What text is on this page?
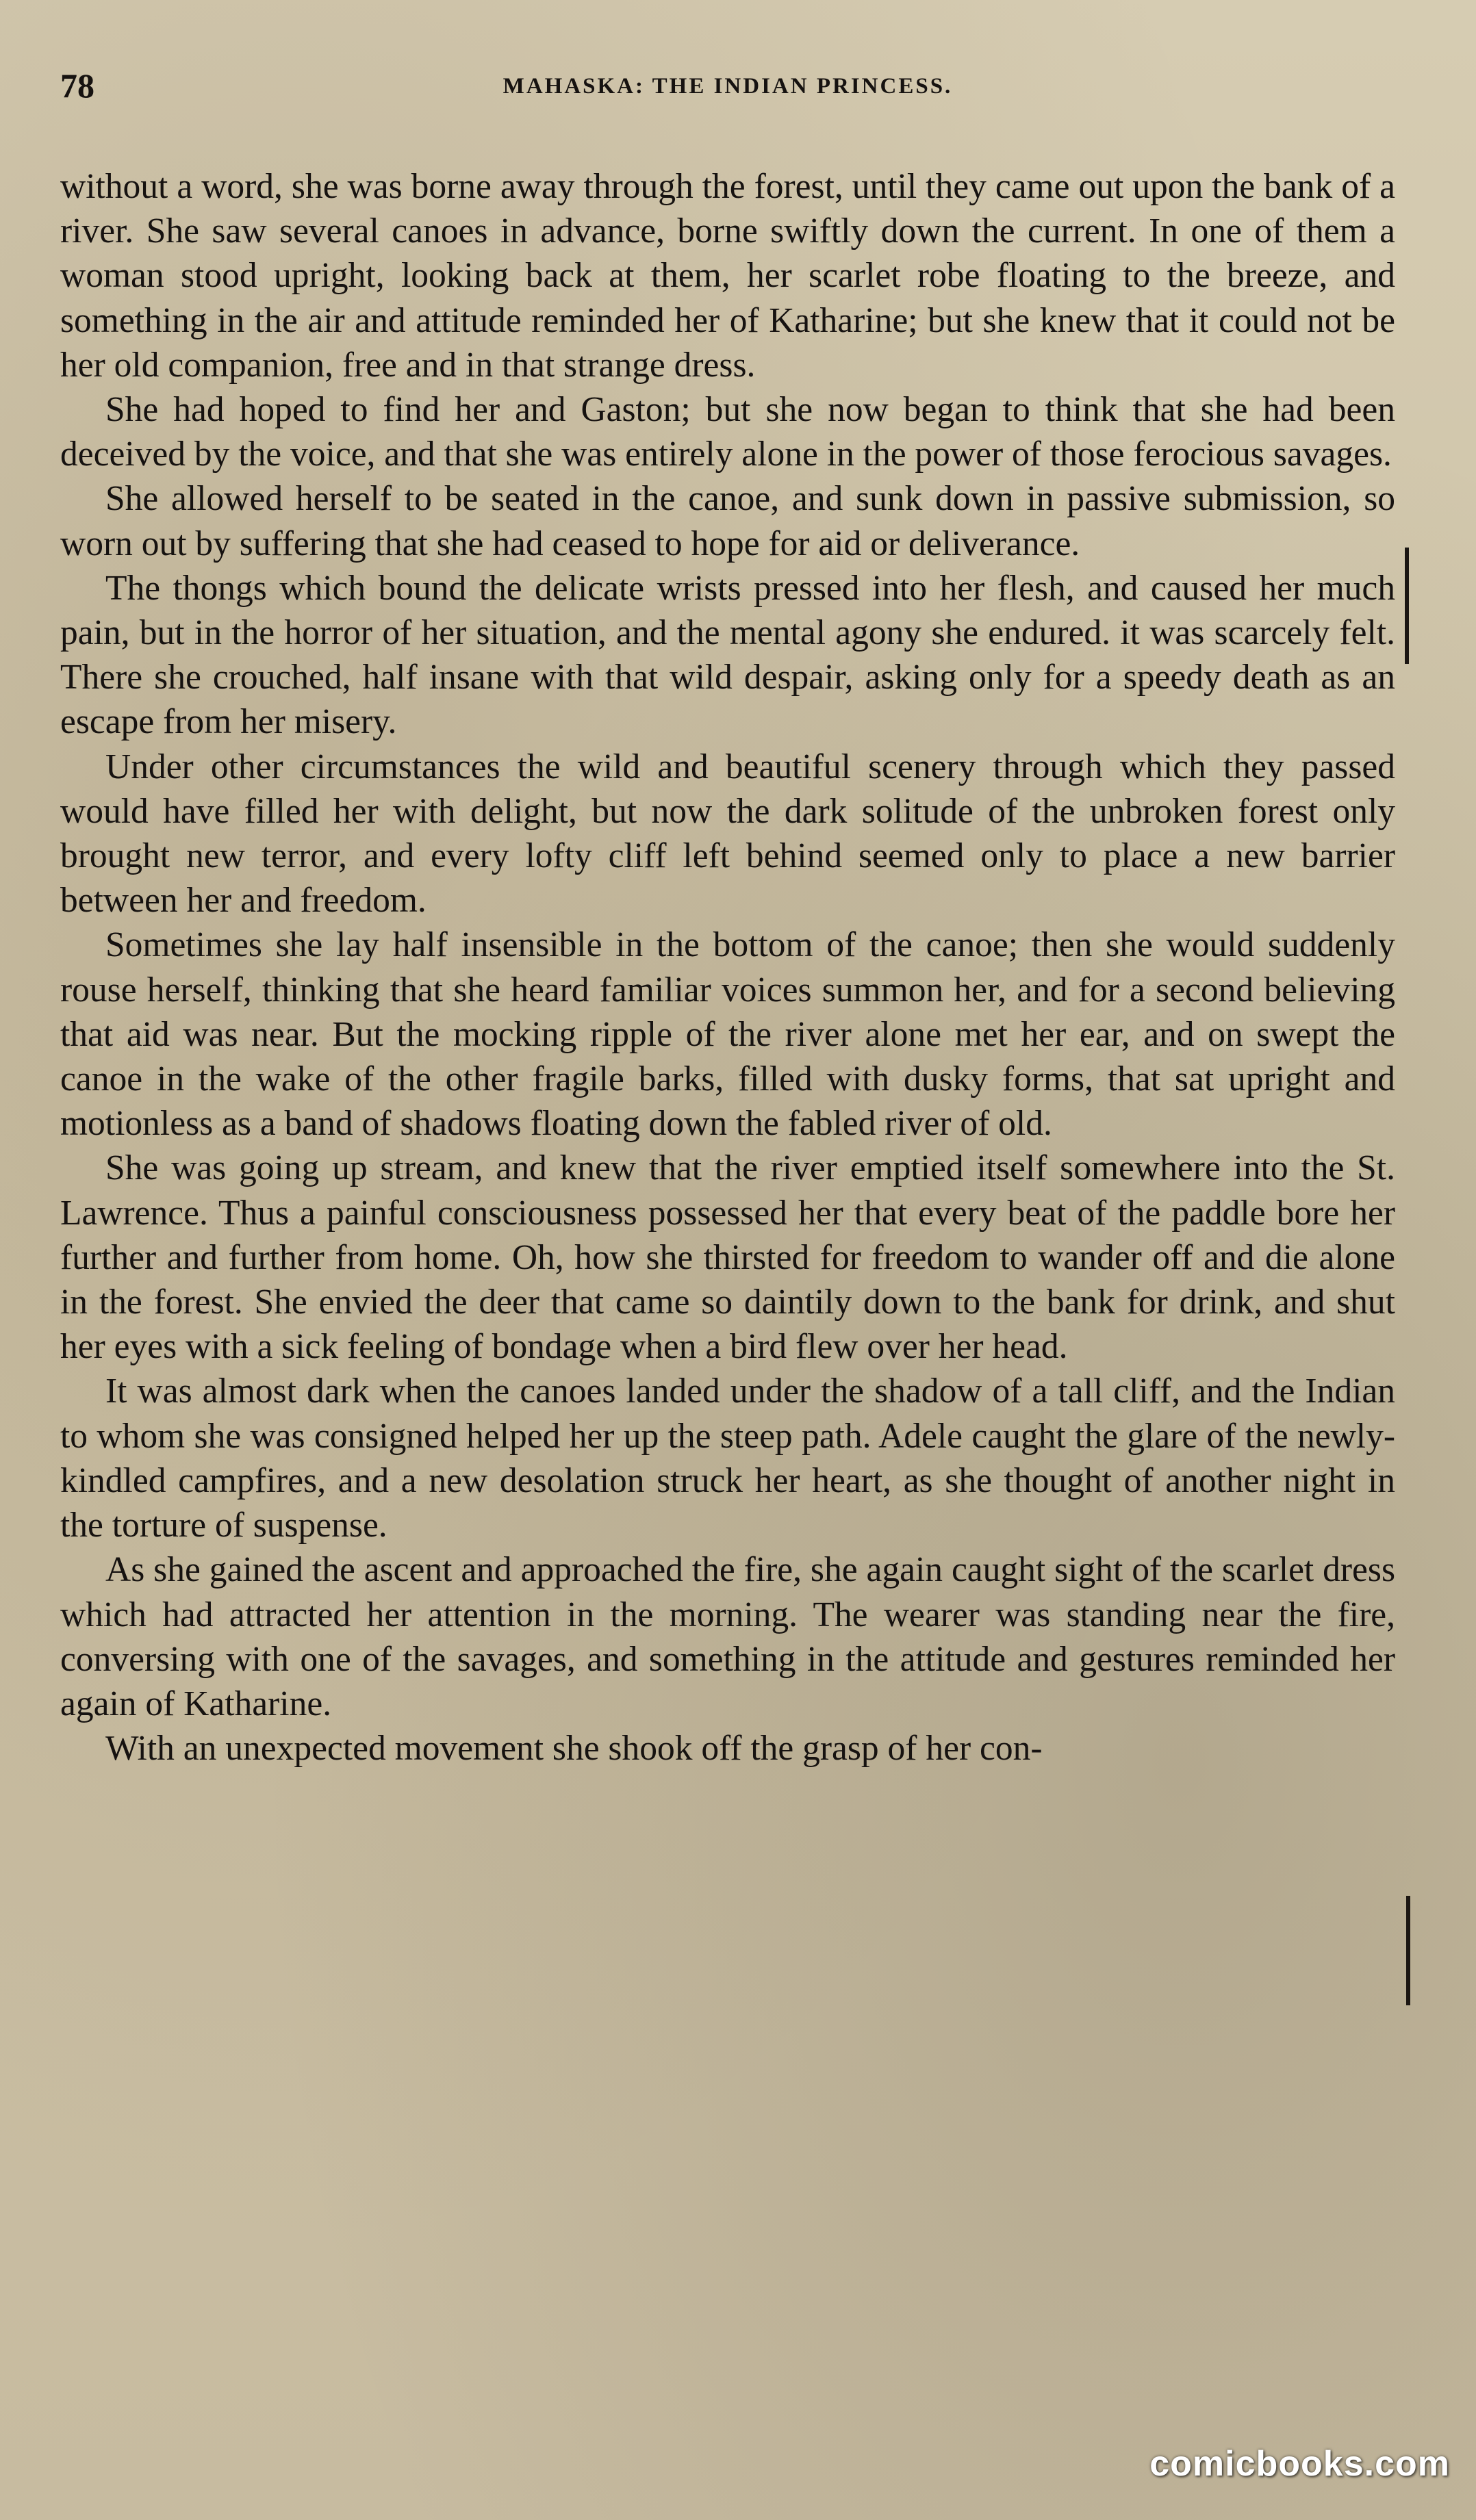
78	MAHASKA: THE INDIAN PRINCESS.

without a word, she was borne away through the forest, until they came out upon the bank of a river. She saw several canoes in advance, borne swiftly down the current. In one of them a woman stood upright, looking back at them, her scarlet robe floating to the breeze, and something in the air and attitude reminded her of Katharine; but she knew that it could not be her old companion, free and in that strange dress.

She had hoped to find her and Gaston; but she now began to think that she had been deceived by the voice, and that she was entirely alone in the power of those ferocious savages.

She allowed herself to be seated in the canoe, and sunk down in passive submission, so worn out by suffering that she had ceased to hope for aid or deliverance.

The thongs which bound the delicate wrists pressed into her flesh, and caused her much pain, but in the horror of her situation, and the mental agony she endured. it was scarcely felt. There she crouched, half insane with that wild despair, asking only for a speedy death as an escape from her misery.

Under other circumstances the wild and beautiful scenery through which they passed would have filled her with delight, but now the dark solitude of the unbroken forest only brought new terror, and every lofty cliff left behind seemed only to place a new barrier between her and freedom.

Sometimes she lay half insensible in the bottom of the canoe; then she would suddenly rouse herself, thinking that she heard familiar voices summon her, and for a second believing that aid was near. But the mocking ripple of the river alone met her ear, and on swept the canoe in the wake of the other fragile barks, filled with dusky forms, that sat upright and motionless as a band of shadows floating down the fabled river of old.

She was going up stream, and knew that the river emptied itself somewhere into the St. Lawrence. Thus a painful consciousness possessed her that every beat of the paddle bore her further and further from home. Oh, how she thirsted for freedom to wander off and die alone in the forest. She envied the deer that came so daintily down to the bank for drink, and shut her eyes with a sick feeling of bondage when a bird flew over her head.

It was almost dark when the canoes landed under the shadow of a tall cliff, and the Indian to whom she was consigned helped her up the steep path. Adele caught the glare of the newly-kindled campfires, and a new desolation struck her heart, as she thought of another night in the torture of suspense.

As she gained the ascent and approached the fire, she again caught sight of the scarlet dress which had attracted her attention in the morning. The wearer was standing near the fire, conversing with one of the savages, and something in the attitude and gestures reminded her again of Katharine.

With an unexpected movement she shook off the grasp of her con-

comicbooks.com
